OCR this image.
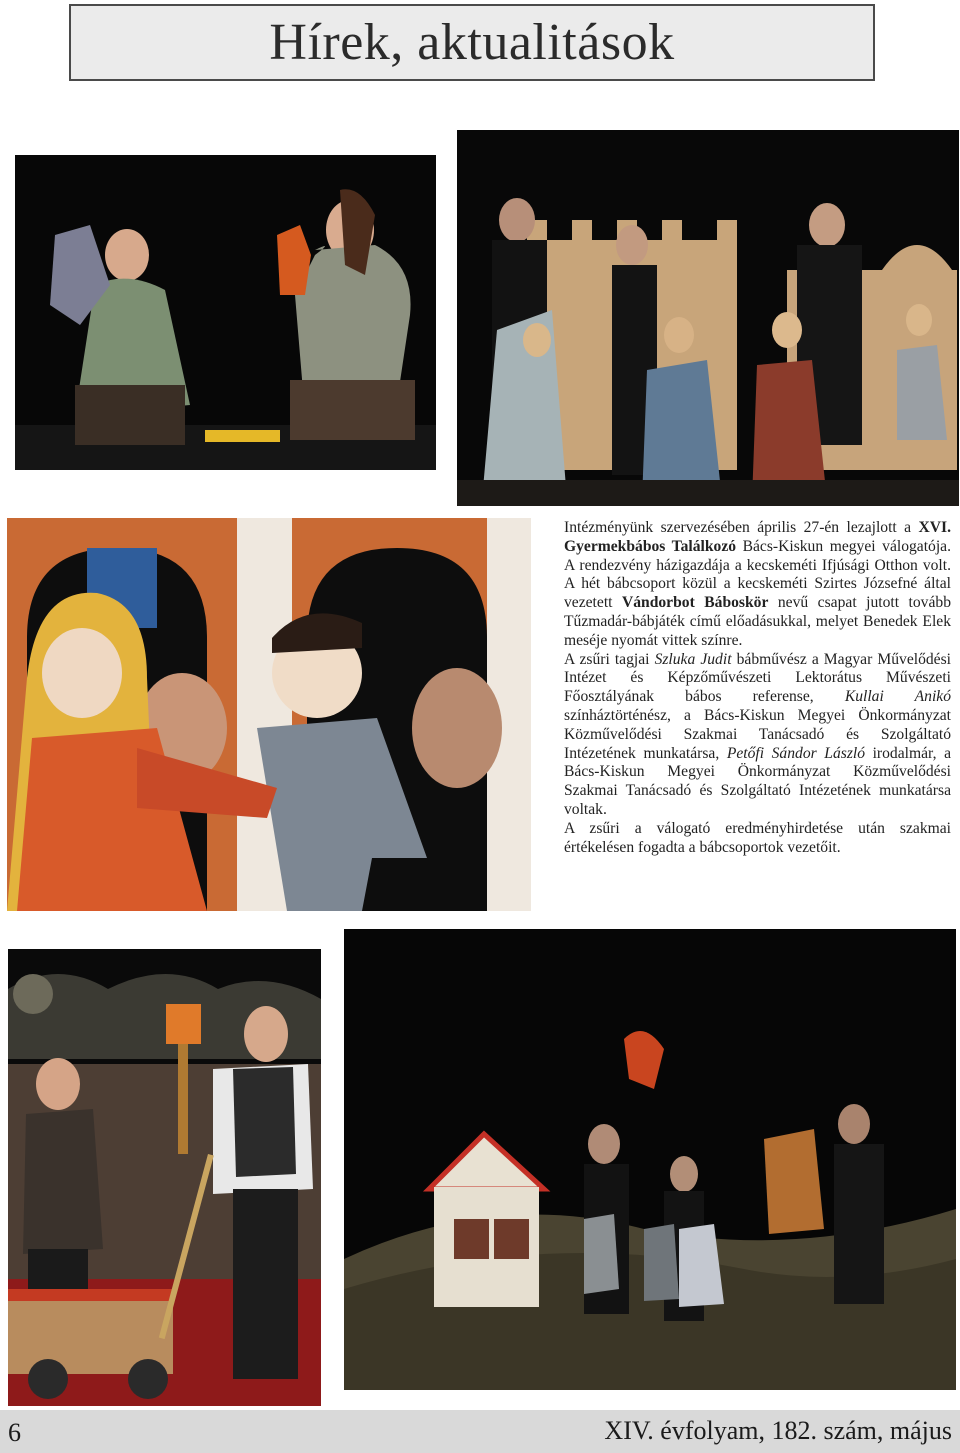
Hírek, aktualitások

Intézményünk szervezésében április 27-én lezajlott a XVI. Gyermekbábos Találkozó Bács-Kiskun megyei válogatója. A rendezvény házigazdája a kecskeméti Ifjúsági Otthon volt. A hét bábcsoport közül a kecskeméti Szirtes Józsefné által vezetett Vándorbot Báboskör nevű csapat jutott tovább Tűzmadár-bábjáték című előadásukkal, melyet Benedek Elek meséje nyomát vittek színre.

A zsűri tagjai Szluka Judit bábművész a Magyar Művelődési Intézet és Képzőművészeti Lektorátus Művészeti Főosztályának bábos referense, Kullai Anikó színháztörténész, a Bács-Kiskun Megyei Önkormányzat Közművelődési Szakmai Tanácsadó és Szolgáltató Intézetének munkatársa, Petőfi Sándor László irodalmár, a Bács-Kiskun Megyei Önkormányzat Közművelődési Szakmai Tanácsadó és Szolgáltató Intézetének munkatársa voltak.

A zsűri a válogató eredményhirdetése után szakmai értékelésen fogadta a bábcsoportok vezetőit.

6	XIV. évfolyam, 182. szám, május
